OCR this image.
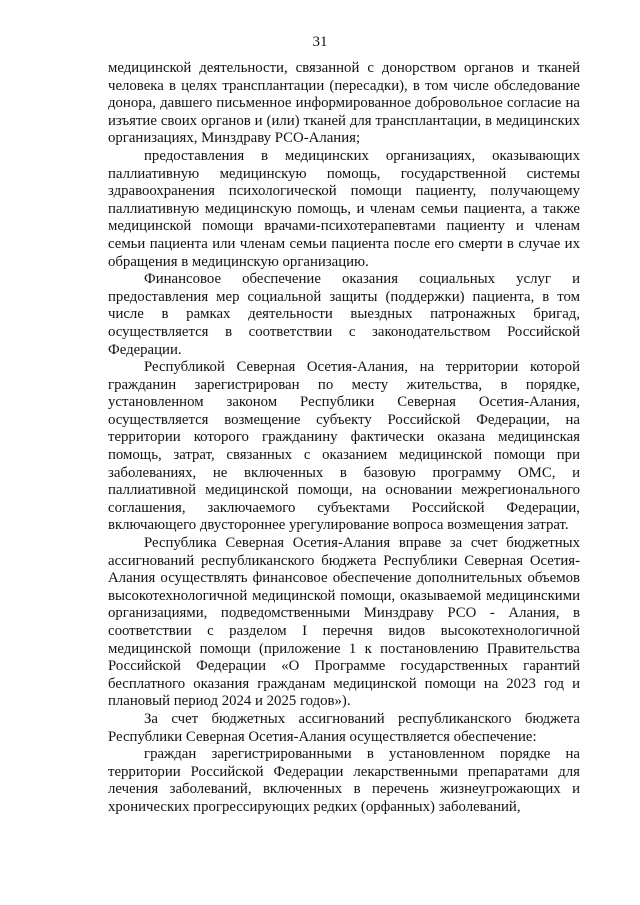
31

медицинской деятельности, связанной с донорством органов и тканей человека в целях трансплантации (пересадки), в том числе обследование донора, давшего письменное информированное добровольное согласие на изъятие своих органов и (или) тканей для трансплантации, в медицинских организациях, Минздраву РСО-Алания;

предоставления в медицинских организациях, оказывающих паллиативную медицинскую помощь, государственной системы здравоохранения психологической помощи пациенту, получающему паллиативную медицинскую помощь, и членам семьи пациента, а также медицинской помощи врачами-психотерапевтами пациенту и членам семьи пациента или членам семьи пациента после его смерти в случае их обращения в медицинскую организацию.

Финансовое обеспечение оказания социальных услуг и предоставления мер социальной защиты (поддержки) пациента, в том числе в рамках деятельности выездных патронажных бригад, осуществляется в соответствии с законодательством Российской Федерации.

Республикой Северная Осетия-Алания, на территории которой гражданин зарегистрирован по месту жительства, в порядке, установленном законом Республики Северная Осетия-Алания, осуществляется возмещение субъекту Российской Федерации, на территории которого гражданину фактически оказана медицинская помощь, затрат, связанных с оказанием медицинской помощи при заболеваниях, не включенных в базовую программу ОМС, и паллиативной медицинской помощи, на основании межрегионального соглашения, заключаемого субъектами Российской Федерации, включающего двустороннее урегулирование вопроса возмещения затрат.

Республика Северная Осетия-Алания вправе за счет бюджетных ассигнований республиканского бюджета Республики Северная Осетия-Алания осуществлять финансовое обеспечение дополнительных объемов высокотехнологичной медицинской помощи, оказываемой медицинскими организациями, подведомственными Минздраву РСО - Алания, в соответствии с разделом I перечня видов высокотехнологичной медицинской помощи (приложение 1 к постановлению Правительства Российской Федерации «О Программе государственных гарантий бесплатного оказания гражданам медицинской помощи на 2023 год и плановый период 2024 и 2025 годов»).

За счет бюджетных ассигнований республиканского бюджета Республики Северная Осетия-Алания осуществляется обеспечение:

граждан зарегистрированными в установленном порядке на территории Российской Федерации лекарственными препаратами для лечения заболеваний, включенных в перечень жизнеугрожающих и хронических прогрессирующих редких (орфанных) заболеваний,
